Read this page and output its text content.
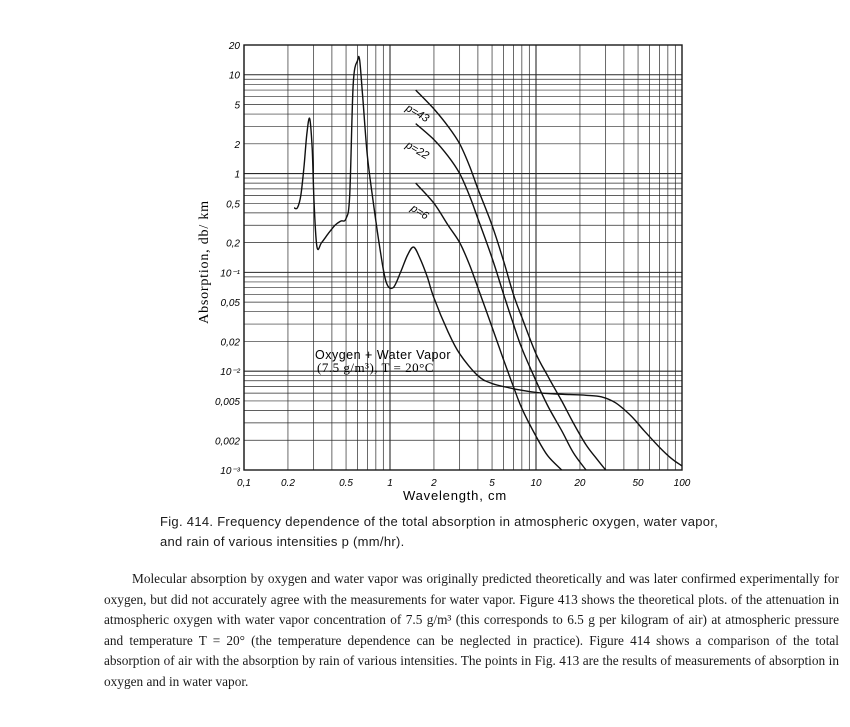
0,1	0.2	0.5	1	2	5	10	20	50	100
20
10
5
2
1
0,5
0,2
10⁻¹
0,05
0,02
10⁻²
0,005
0,002
10⁻³
Wavelength, cm
Absorption, db/ km
Oxygen + Water Vapor
(7.5 g/m³), T = 20°C
p=43
p=22
p=6

Fig. 414. Frequency dependence of the total absorption in atmospheric oxygen, water vapor, and rain of various intensities p (mm/hr).

Molecular absorption by oxygen and water vapor was originally predicted theoretically and was later confirmed experimentally for oxygen, but did not accurately agree with the measurements for water vapor. Figure 413 shows the theoretical plots. of the attenuation in atmospheric oxygen with water vapor concentration of 7.5 g/m³ (this corresponds to 6.5 g per kilogram of air) at atmospheric pressure and temperature T = 20° (the temperature dependence can be neglected in practice). Figure 414 shows a comparison of the total absorption of air with the absorption by rain of various intensities. The points in Fig. 413 are the results of measurements of absorption in oxygen and in water vapor.
